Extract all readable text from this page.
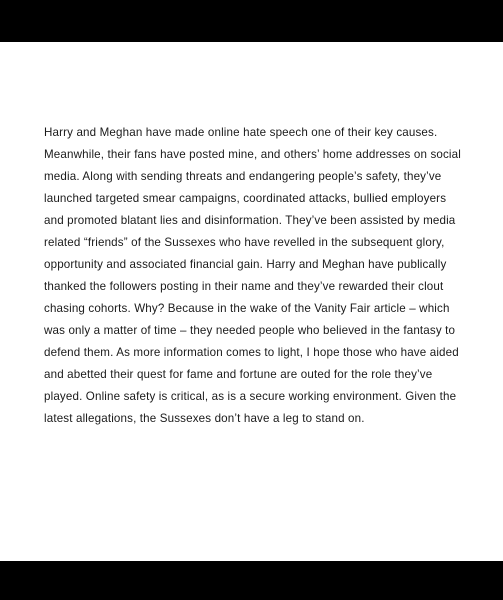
Harry and Meghan have made online hate speech one of their key causes. Meanwhile, their fans have posted mine, and others’ home addresses on social media. Along with sending threats and endangering people’s safety, they’ve launched targeted smear campaigns, coordinated attacks, bullied employers and promoted blatant lies and disinformation. They’ve been assisted by media related “friends” of the Sussexes who have revelled in the subsequent glory, opportunity and associated financial gain. Harry and Meghan have publically thanked the followers posting in their name and they’ve rewarded their clout chasing cohorts. Why? Because in the wake of the Vanity Fair article – which was only a matter of time – they needed people who believed in the fantasy to defend them. As more information comes to light, I hope those who have aided and abetted their quest for fame and fortune are outed for the role they’ve played. Online safety is critical, as is a secure working environment. Given the latest allegations, the Sussexes don’t have a leg to stand on.
